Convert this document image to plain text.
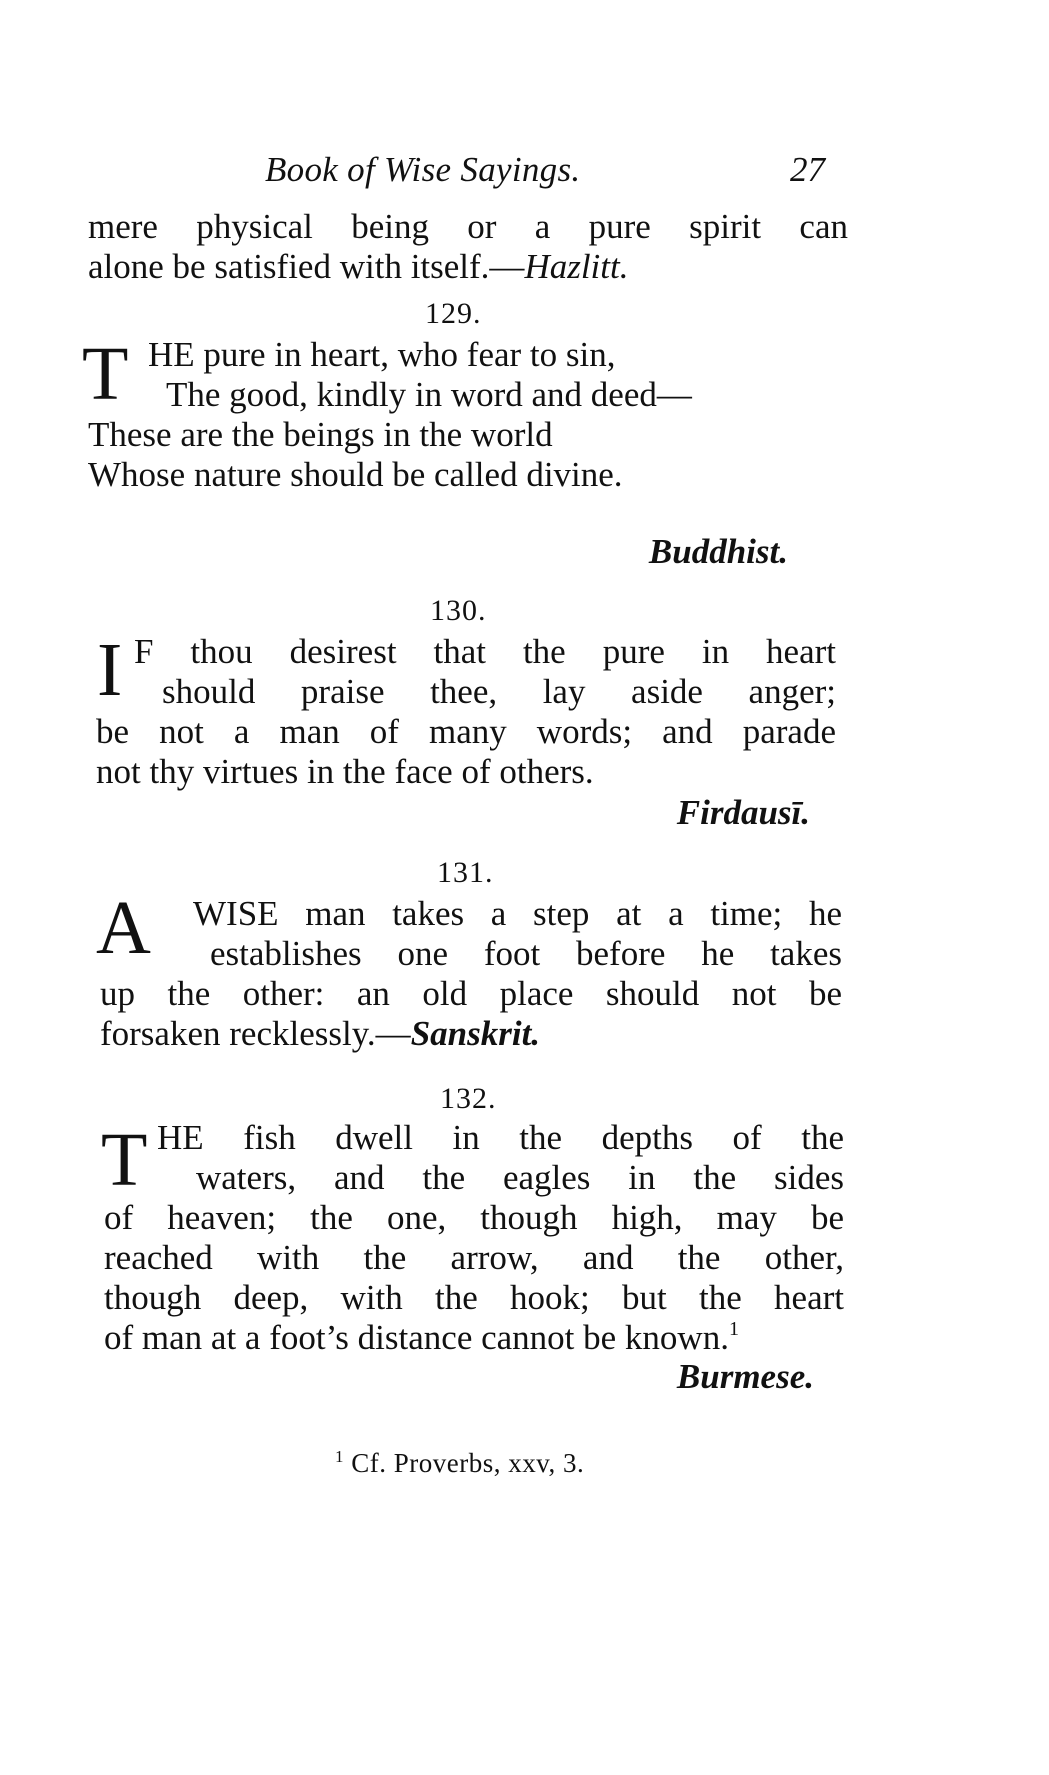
Book of Wise Sayings.	27
mere physical being or a pure spirit can
alone be satisfied with itself.—Hazlitt.
129.
T HE pure in heart, who fear to sin,
The good, kindly in word and deed—
These are the beings in the world
Whose nature should be called divine.
Buddhist.
130.
I F thou desirest that the pure in heart
should praise thee, lay aside anger;
be not a man of many words; and parade
not thy virtues in the face of others.
Firdausī.
131.
A	WISE man takes a step at a time; he
establishes one foot before he takes
up the other: an old place should not be
forsaken recklessly.—Sanskrit.
132.
T HE fish dwell in the depths of the
waters, and the eagles in the sides
of heaven; the one, though high, may be
reached with the arrow, and the other,
though deep, with the hook; but the heart
of man at a foot’s distance cannot be known.$^1$
Burmese.
$^1$ Cf. Proverbs, xxv, 3.
